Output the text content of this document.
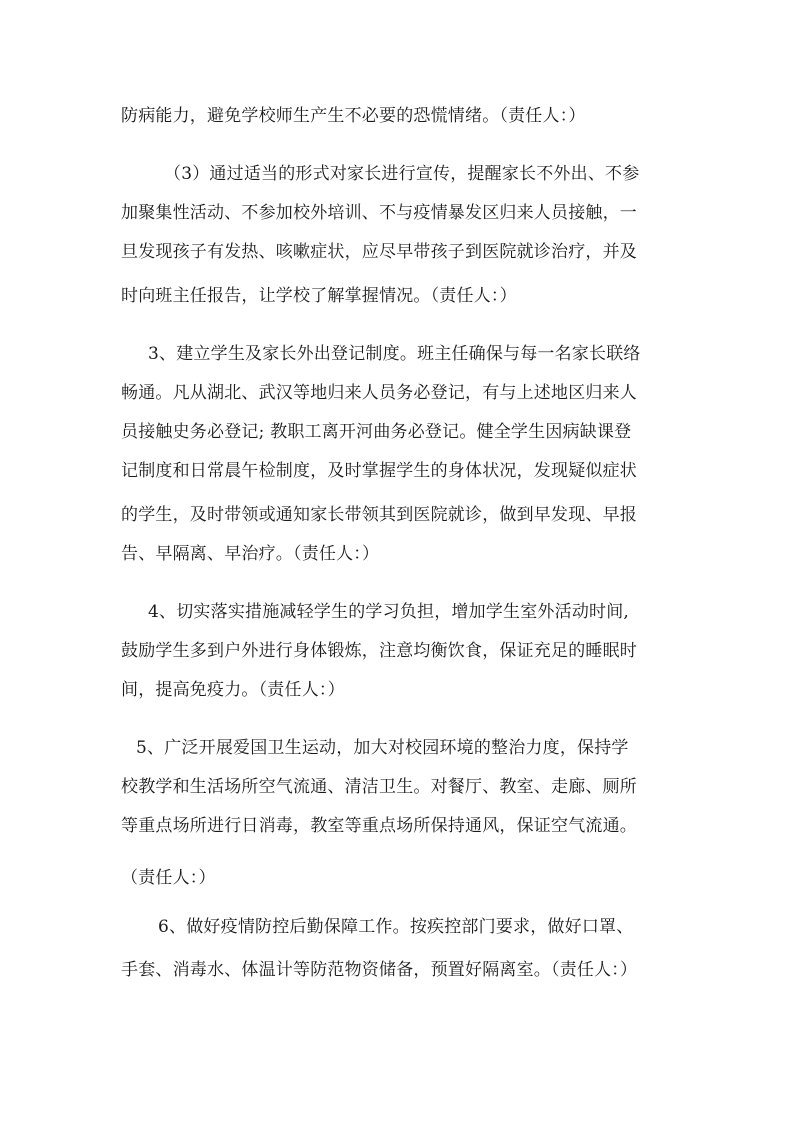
防病能力，避免学校师生产生不必要的恐慌情绪。（责任人：）
（3）通过适当的形式对家长进行宣传，提醒家长不外出、不参
加聚集性活动、不参加校外培训、不与疫情暴发区归来人员接触，一
旦发现孩子有发热、咳嗽症状，应尽早带孩子到医院就诊治疗，并及
时向班主任报告，让学校了解掌握情况。（责任人：）
3、建立学生及家长外出登记制度。班主任确保与每一名家长联络
畅通。凡从湖北、武汉等地归来人员务必登记，有与上述地区归来人
员接触史务必登记; 教职工离开河曲务必登记。健全学生因病缺课登
记制度和日常晨午检制度，及时掌握学生的身体状况，发现疑似症状
的学生，及时带领或通知家长带领其到医院就诊，做到早发现、早报
告、早隔离、早治疗。（责任人：）
4、切实落实措施减轻学生的学习负担，增加学生室外活动时间,
鼓励学生多到户外进行身体锻炼，注意均衡饮食，保证充足的睡眠时
间，提高免疫力。（责任人：）
5、广泛开展爱国卫生运动，加大对校园环境的整治力度，保持学
校教学和生活场所空气流通、清洁卫生。对餐厅、教室、走廊、厕所
等重点场所进行日消毒，教室等重点场所保持通风，保证空气流通。
（责任人：）
6、做好疫情防控后勤保障工作。按疾控部门要求，做好口罩、
手套、消毒水、体温计等防范物资储备，预置好隔离室。（责任人：）
